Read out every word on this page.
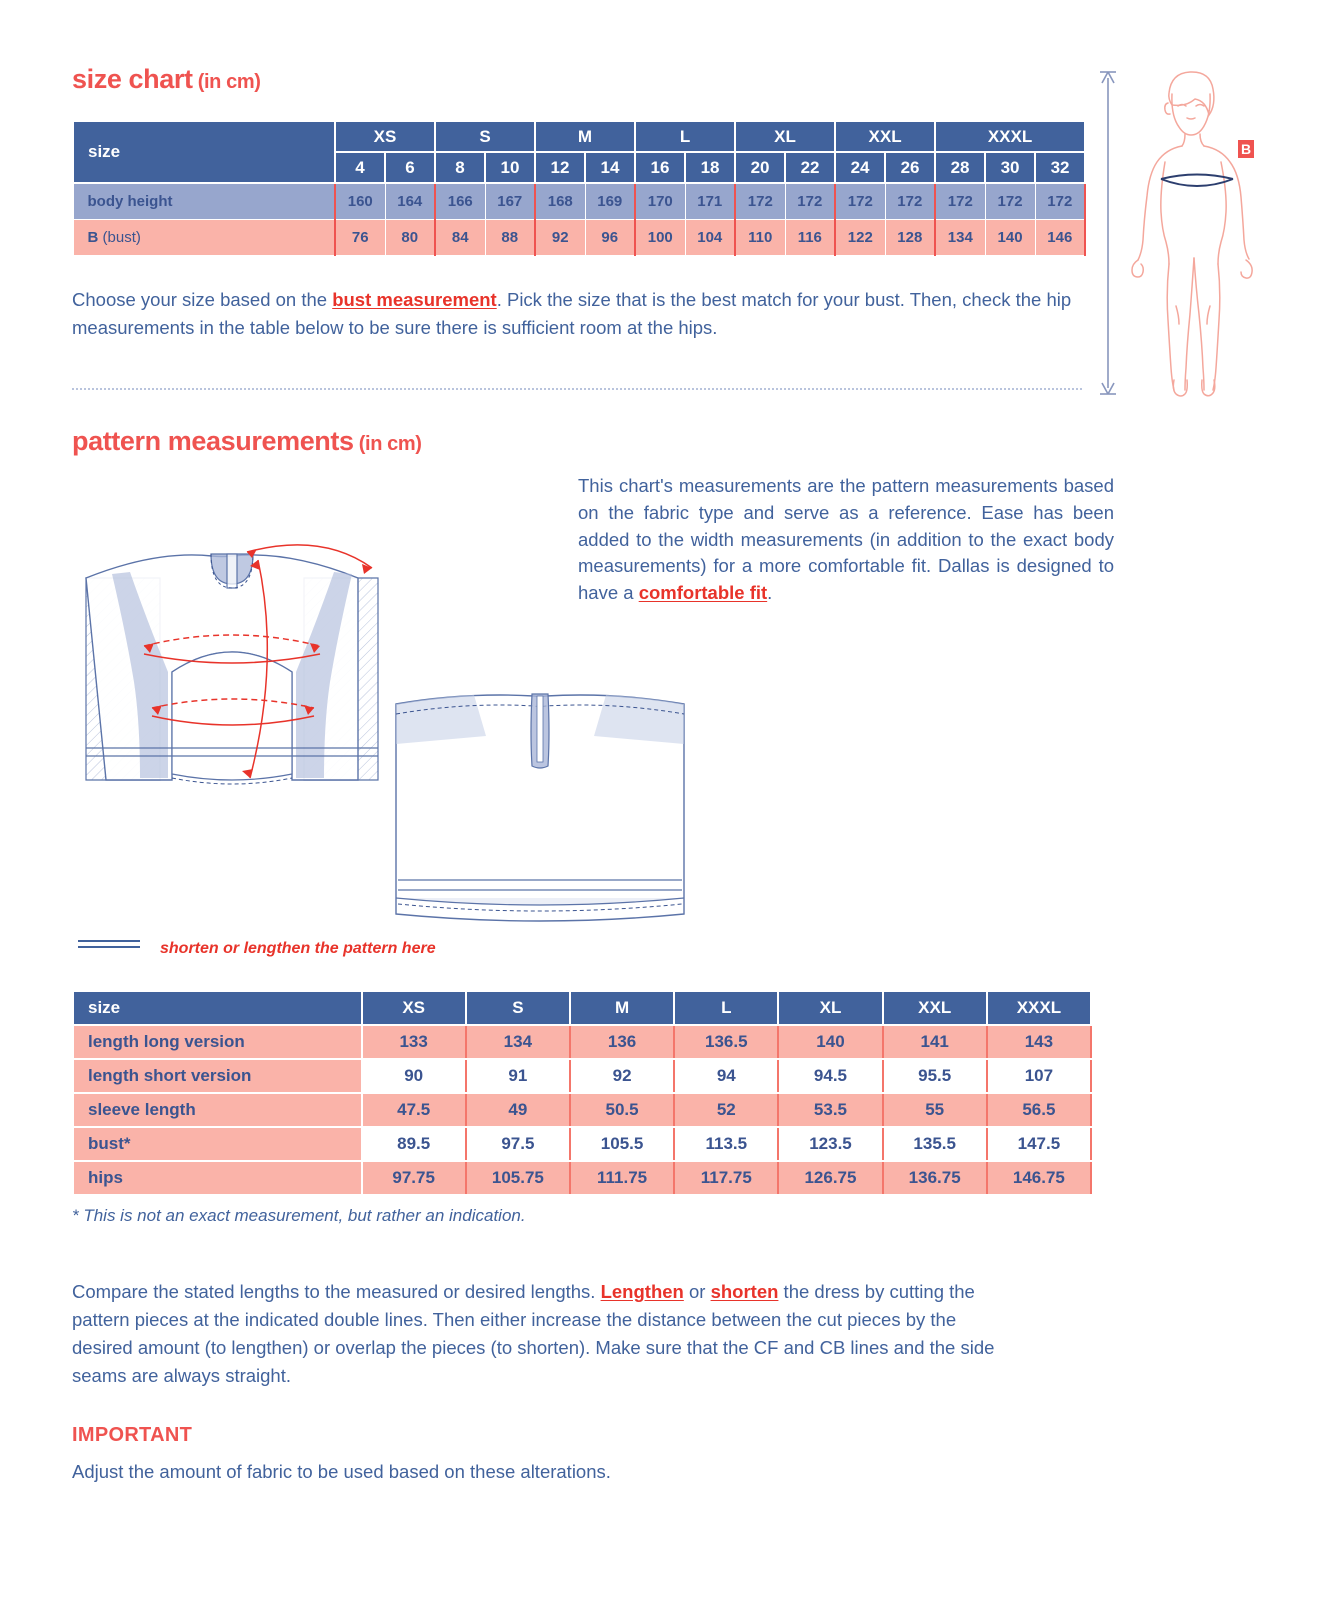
size chart (in cm)
size	XS		S		M		L		XL		XXL		XXXL		
	4	6	8	10	12	14	16	18	20	22	24	26	28	30	32
body height	160	164	166	167	168	169	170	171	172	172	172	172	172	172	172
B (bust)	76	80	84	88	92	96	100	104	110	116	122	128	134	140	146
Choose your size based on the bust measurement. Pick the size that is the best match for your bust. Then, check the hip measurements in the table below to be sure there is sufficient room at the hips.
B
pattern measurements (in cm)
This chart's measurements are the pattern measurements based on the fabric type and serve as a reference. Ease has been added to the width measurements (in addition to the exact body measurements) for a more comfortable fit. Dallas is designed to have a comfortable fit.
shorten or lengthen the pattern here
size	XS	S	M	L	XL	XXL	XXXL
length long version	133	134	136	136.5	140	141	143
length short version	90	91	92	94	94.5	95.5	107
sleeve length	47.5	49	50.5	52	53.5	55	56.5
bust*	89.5	97.5	105.5	113.5	123.5	135.5	147.5
hips	97.75	105.75	111.75	117.75	126.75	136.75	146.75
* This is not an exact measurement, but rather an indication.
Compare the stated lengths to the measured or desired lengths. Lengthen or shorten the dress by cutting the pattern pieces at the indicated double lines. Then either increase the distance between the cut pieces by the desired amount (to lengthen) or overlap the pieces (to shorten). Make sure that the CF and CB lines and the side seams are always straight.
IMPORTANT
Adjust the amount of fabric to be used based on these alterations.
